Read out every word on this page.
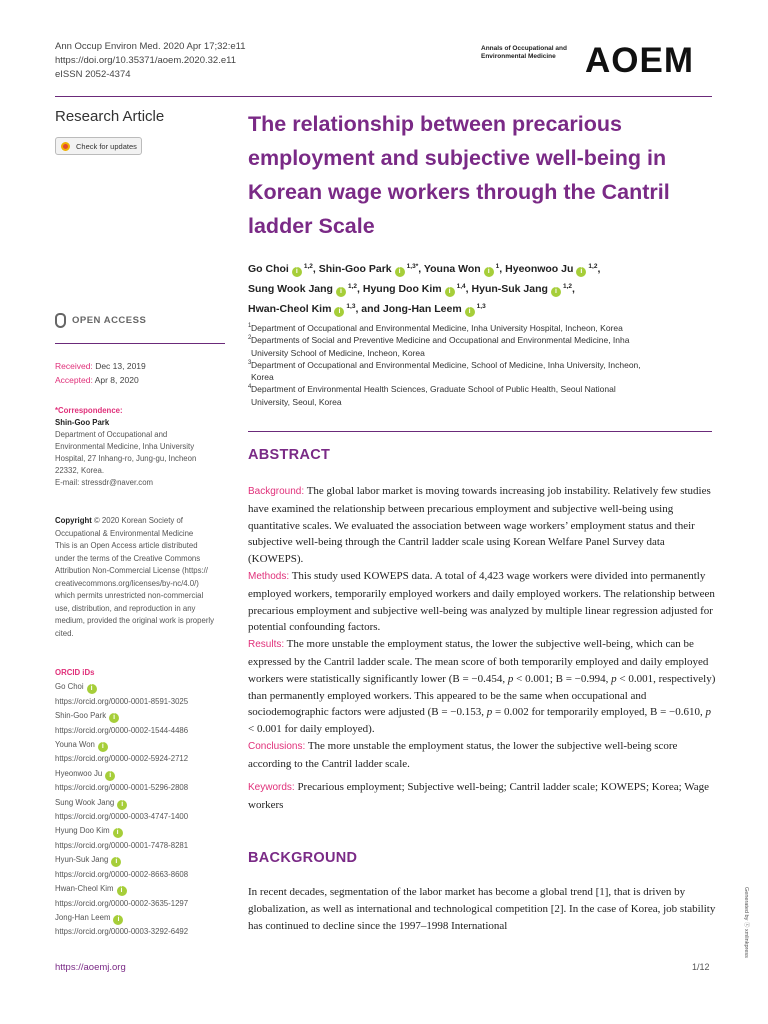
Ann Occup Environ Med. 2020 Apr 17;32:e11
https://doi.org/10.35371/aoem.2020.32.e11
eISSN 2052-4374
Annals of Occupational and
Environmental Medicine AOEM
Research Article
Check for updates
The relationship between precarious employment and subjective well-being in Korean wage workers through the Cantril ladder Scale
Go Choi $i^{1,2}$, Shin-Goo Park $i^{1,3*}$, Youna Won $i^1$, Hyeonwoo Ju $i^{1,2}$,
Sung Wook Jang $i^{1,2}$, Hyung Doo Kim $i^{1,4}$, Hyun-Suk Jang $i^{1,2}$,
Hwan-Cheol Kim $i^{1,3}$, and Jong-Han Leem $i^{1,3}$
1 Department of Occupational and Environmental Medicine, Inha University Hospital, Incheon, Korea
2 Departments of Social and Preventive Medicine and Occupational and Environmental Medicine, Inha
University School of Medicine, Incheon, Korea
3 Department of Occupational and Environmental Medicine, School of Medicine, Inha University, Incheon,
Korea
4 Department of Environmental Health Sciences, Graduate School of Public Health, Seoul National
University, Seoul, Korea
OPEN ACCESS
Received: Dec 13, 2019
Accepted: Apr 8, 2020
*Correspondence:
Shin-Goo Park
Department of Occupational and
Environmental Medicine, Inha University
Hospital, 27 Inhang-ro, Jung-gu, Incheon
22332, Korea.
E-mail: stressdr@naver.com
Copyright © 2020 Korean Society of
Occupational & Environmental Medicine
This is an Open Access article distributed
under the terms of the Creative Commons
Attribution Non-Commercial License (https://
creativecommons.org/licenses/by-nc/4.0/)
which permits unrestricted non-commercial
use, distribution, and reproduction in any
medium, provided the original work is properly
cited.
ORCID iDs
Go Choi i
https://orcid.org/0000-0001-8591-3025
Shin-Goo Park i
https://orcid.org/0000-0002-1544-4486
Youna Won i
https://orcid.org/0000-0002-5924-2712
Hyeonwoo Ju i
https://orcid.org/0000-0001-5296-2808
Sung Wook Jang i
https://orcid.org/0000-0003-4747-1400
Hyung Doo Kim i
https://orcid.org/0000-0001-7478-8281
Hyun-Suk Jang i
https://orcid.org/0000-0002-8663-8608
Hwan-Cheol Kim i
https://orcid.org/0000-0002-3635-1297
Jong-Han Leem i
https://orcid.org/0000-0003-3292-6492
ABSTRACT
Background: The global labor market is moving towards increasing job instability. Relatively few studies have examined the relationship between precarious employment and subjective well-being using quantitative scales. We evaluated the association between wage workers’ employment status and their subjective well-being through the Cantril ladder scale using Korean Welfare Panel Survey data (KOWEPS).
Methods: This study used KOWEPS data. A total of 4,423 wage workers were divided into permanently employed workers, temporarily employed workers and daily employed workers. The relationship between precarious employment and subjective well-being was analyzed by multiple linear regression adjusted for potential confounding factors.
Results: The more unstable the employment status, the lower the subjective well-being, which can be expressed by the Cantril ladder scale. The mean score of both temporarily employed and daily employed workers were statistically significantly lower (B = −0.454, p < 0.001; B = −0.994, p < 0.001, respectively) than permanently employed workers. This appeared to be the same when occupational and sociodemographic factors were adjusted (B = −0.153, p = 0.002 for temporarily employed, B = −0.610, p < 0.001 for daily employed).
Conclusions: The more unstable the employment status, the lower the subjective well-being score according to the Cantril ladder scale.
Keywords: Precarious employment; Subjective well-being; Cantril ladder scale; KOWEPS; Korea; Wage workers
BACKGROUND
In recent decades, segmentation of the labor market has become a global trend [1], that is driven by globalization, as well as international and technological competition [2]. In the case of Korea, job stability has continued to decline since the 1997–1998 International	Generated by ⓧ xmlinkpress
https://aoemj.org	1/12
